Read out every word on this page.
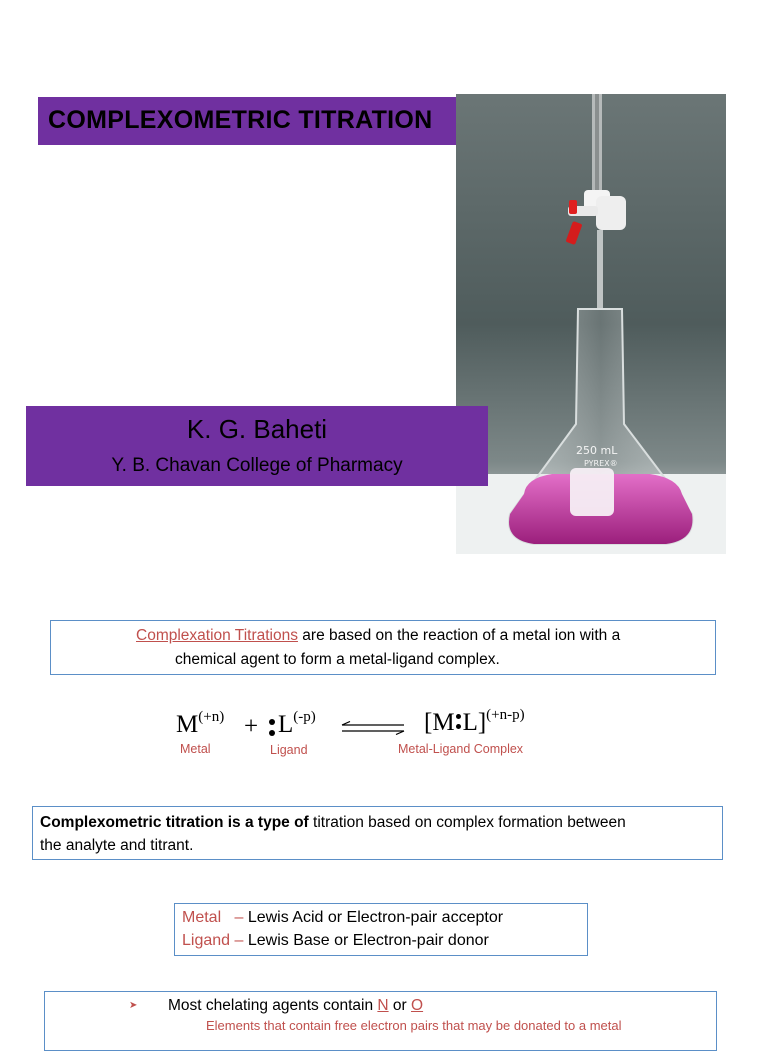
COMPLEXOMETRIC TITRATION
250 mL
PYREX®
K. G. Baheti
Y. B. Chavan College of Pharmacy
Complexation Titrations are based on the reaction of a metal ion with a
chemical agent to form a metal-ligand complex.
M(+n) + L(-p)	[M L](+n-p)
Metal	Ligand	Metal-Ligand Complex
Complexometric titration is a type of titration based on complex formation between
the analyte and titrant.
Metal   – Lewis Acid or Electron-pair acceptor
Ligand – Lewis Base or Electron-pair donor
➤ Most chelating agents contain N or O
Elements that contain free electron pairs that may be donated to a metal
